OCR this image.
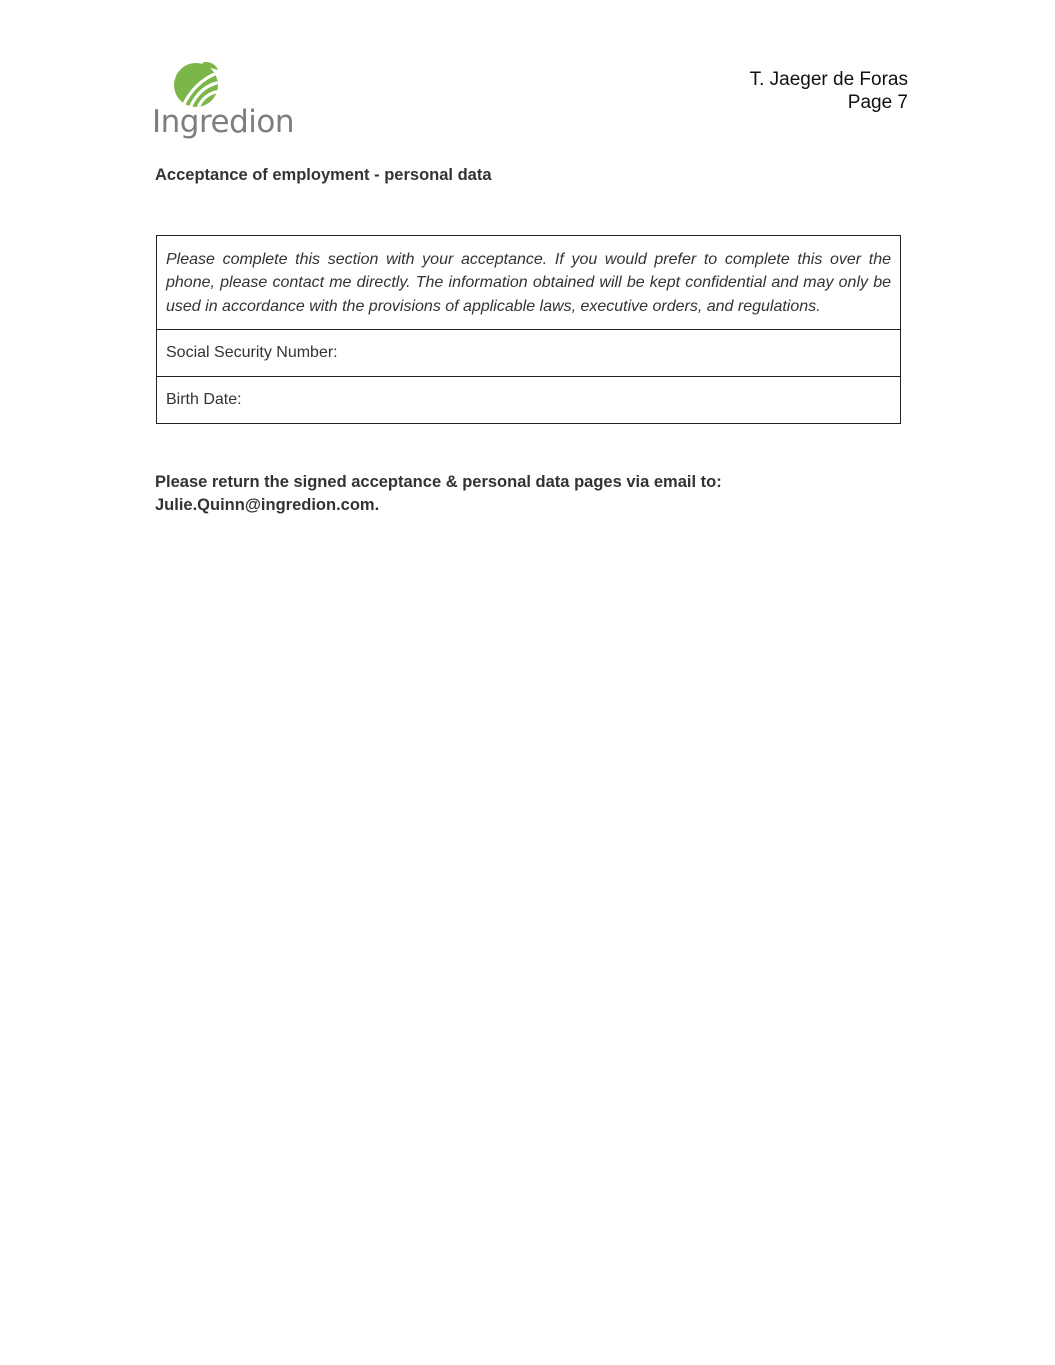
Ingredion
T. Jaeger de Foras
Page 7
Acceptance of employment - personal data
Please complete this section with your acceptance. If you would prefer to complete this over the phone, please contact me directly. The information obtained will be kept confidential and may only be used in accordance with the provisions of applicable laws, executive orders, and regulations.

Social Security Number:
Birth Date:
Please return the signed acceptance & personal data pages via email to:
Julie.Quinn@ingredion.com.
